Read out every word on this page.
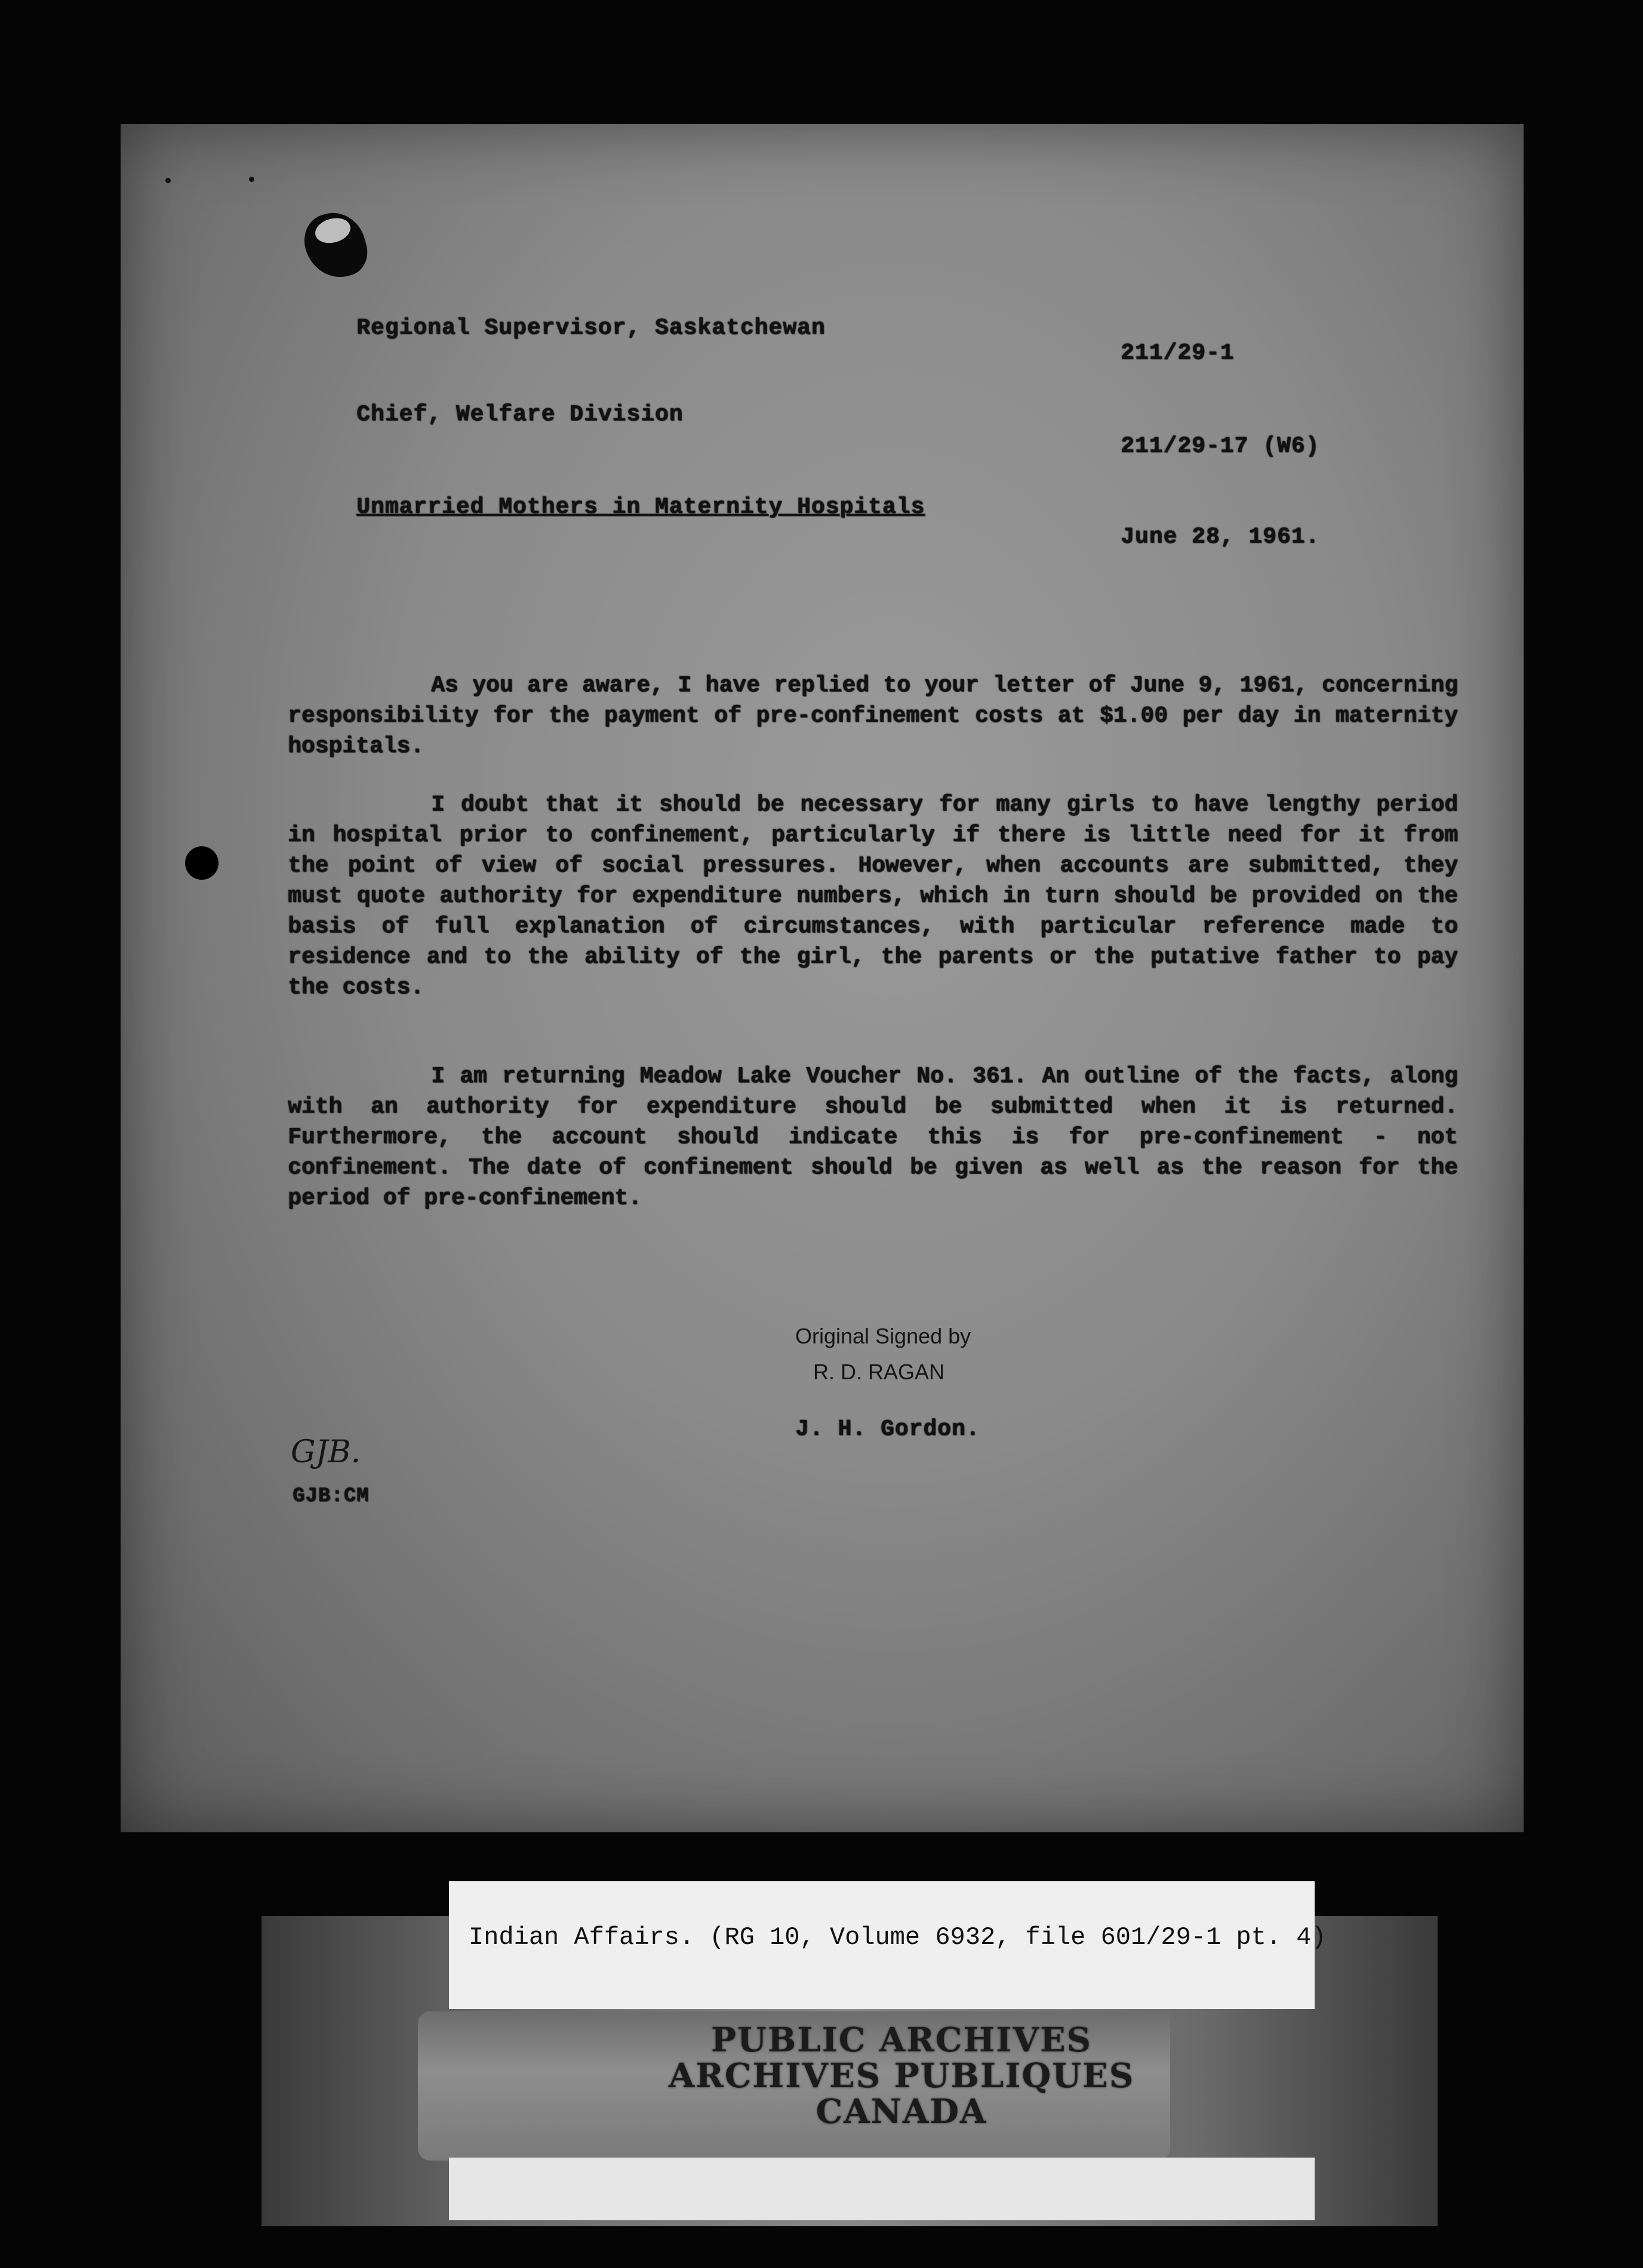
Regional Supervisor, Saskatchewan
211/29-1
Chief, Welfare Division
211/29-17 (W6)
Unmarried Mothers in Maternity Hospitals
June 28, 1961.
As you are aware, I have replied to your letter of June 9, 1961, concerning responsibility for the payment of pre-confinement costs at $1.00 per day in maternity hospitals.
I doubt that it should be necessary for many girls to have lengthy period in hospital prior to confinement, particularly if there is little need for it from the point of view of social pressures. However, when accounts are submitted, they must quote authority for expenditure numbers, which in turn should be provided on the basis of full explanation of circumstances, with particular reference made to residence and to the ability of the girl, the parents or the putative father to pay the costs.
I am returning Meadow Lake Voucher No. 361. An outline of the facts, along with an authority for expenditure should be submitted when it is returned. Furthermore, the account should indicate this is for pre-confinement - not confinement. The date of confinement should be given as well as the reason for the period of pre-confinement.
Original Signed by
R. D. RAGAN
J. H. Gordon.
GJB.
GJB:CM
Indian Affairs. (RG 10, Volume 6932, file 601/29-1 pt. 4)
PUBLIC ARCHIVES
ARCHIVES PUBLIQUES
CANADA
